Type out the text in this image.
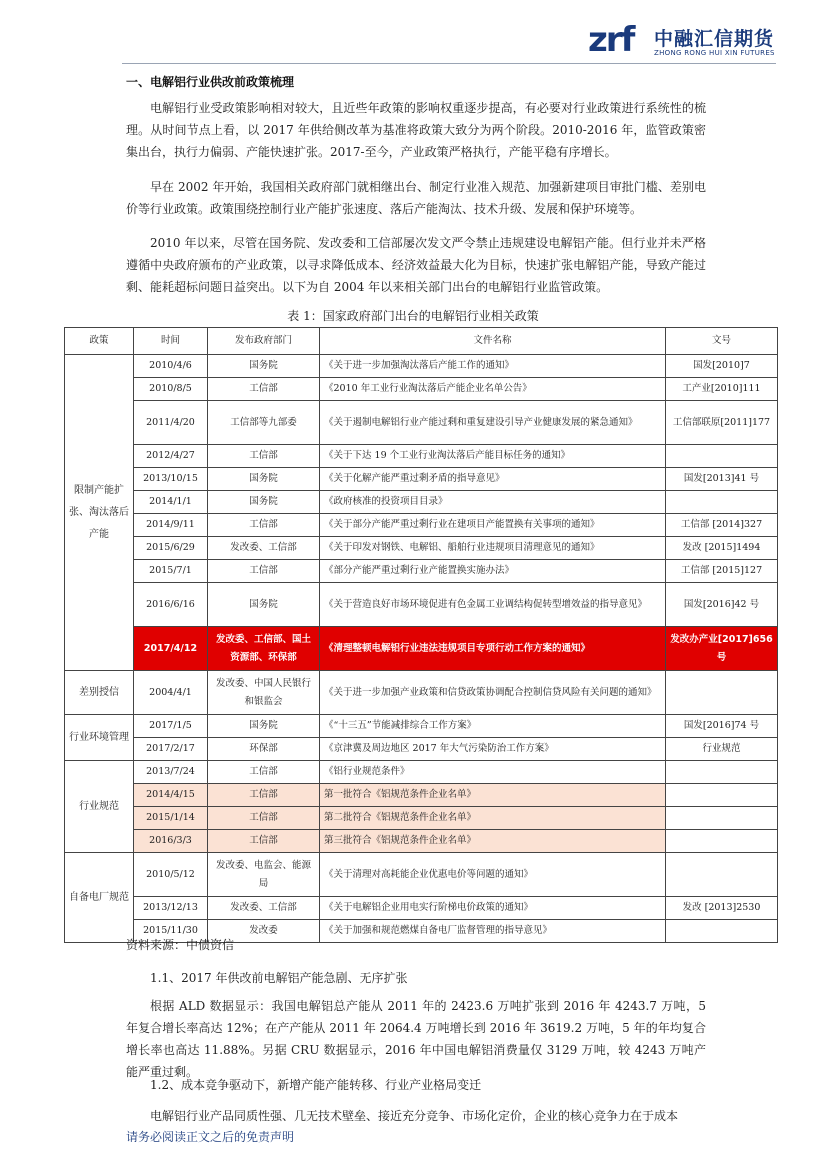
zrf 中融汇信期货
ZHONG RONG HUI XIN FUTURES
一、电解铝行业供改前政策梳理

电解铝行业受政策影响相对较大，且近些年政策的影响权重逐步提高，有必要对行业政策进行系统性的梳理。从时间节点上看，以 2017 年供给侧改革为基准将政策大致分为两个阶段。2010-2016 年，监管政策密集出台，执行力偏弱、产能快速扩张。2017-至今，产业政策严格执行，产能平稳有序增长。

早在 2002 年开始，我国相关政府部门就相继出台、制定行业准入规范、加强新建项目审批门槛、差别电价等行业政策。政策围绕控制行业产能扩张速度、落后产能淘汰、技术升级、发展和保护环境等。

2010 年以来，尽管在国务院、发改委和工信部屡次发文严令禁止违规建设电解铝产能。但行业并未严格遵循中央政府颁布的产业政策，以寻求降低成本、经济效益最大化为目标，快速扩张电解铝产能，导致产能过剩、能耗超标问题日益突出。以下为自 2004 年以来相关部门出台的电解铝行业监管政策。

表 1：国家政府部门出台的电解铝行业相关政策
政策	时间	发布政府部门	文件名称	文号
限制产能扩张、淘汰落后产能	2010/4/6	国务院	《关于进一步加强淘汰落后产能工作的通知》	国发[2010]7
	2010/8/5	工信部	《2010 年工业行业淘汰落后产能企业名单公告》	工产业[2010]111
	2011/4/20	工信部等九部委	《关于遏制电解铝行业产能过剩和重复建设引导产业健康发展的紧急通知》	工信部联原[2011]177
	2012/4/27	工信部	《关于下达 19 个工业行业淘汰落后产能目标任务的通知》	
	2013/10/15	国务院	《关于化解产能严重过剩矛盾的指导意见》	国发[2013]41 号
	2014/1/1	国务院	《政府核准的投资项目目录》	
	2014/9/11	工信部	《关于部分产能严重过剩行业在建项目产能置换有关事项的通知》	工信部 [2014]327
	2015/6/29	发改委、工信部	《关于印发对钢铁、电解铝、船舶行业违规项目清理意见的通知》	发改 [2015]1494
	2015/7/1	工信部	《部分产能严重过剩行业产能置换实施办法》	工信部 [2015]127
	2016/6/16	国务院	《关于营造良好市场环境促进有色金属工业调结构促转型增效益的指导意见》	国发[2016]42 号
	2017/4/12	发改委、工信部、国土资源部、环保部	《清理整顿电解铝行业违法违规项目专项行动工作方案的通知》	发改办产业[2017]656 号
差别授信	2004/4/1	发改委、中国人民银行和银监会	《关于进一步加强产业政策和信贷政策协调配合控制信贷风险有关问题的通知》	
行业环境管理	2017/1/5	国务院	《“十三五”节能减排综合工作方案》	国发[2016]74 号
	2017/2/17	环保部	《京津冀及周边地区 2017 年大气污染防治工作方案》	行业规范
行业规范	2013/7/24	工信部	《铝行业规范条件》	
	2014/4/15	工信部	第一批符合《铝规范条件企业名单》	
	2015/1/14	工信部	第二批符合《铝规范条件企业名单》	
	2016/3/3	工信部	第三批符合《铝规范条件企业名单》	
自备电厂规范	2010/5/12	发改委、电监会、能源局	《关于清理对高耗能企业优惠电价等问题的通知》	
	2013/12/13	发改委、工信部	《关于电解铝企业用电实行阶梯电价政策的通知》	发改 [2013]2530
	2015/11/30	发改委	《关于加强和规范燃煤自备电厂监督管理的指导意见》	
资料来源：中债资信
1.1、2017 年供改前电解铝产能急剧、无序扩张

根据 ALD 数据显示：我国电解铝总产能从 2011 年的 2423.6 万吨扩张到 2016 年 4243.7 万吨，5 年复合增长率高达 12%；在产产能从 2011 年 2064.4 万吨增长到 2016 年 3619.2 万吨，5 年的年均复合增长率也高达 11.88%。另据 CRU 数据显示，2016 年中国电解铝消费量仅 3129 万吨，较 4243 万吨产能严重过剩。

1.2、成本竞争驱动下，新增产能产能转移、行业产业格局变迁

电解铝行业产品同质性强、几无技术壁垒、接近充分竞争、市场化定价，企业的核心竞争力在于成本

请务必阅读正文之后的免责声明
